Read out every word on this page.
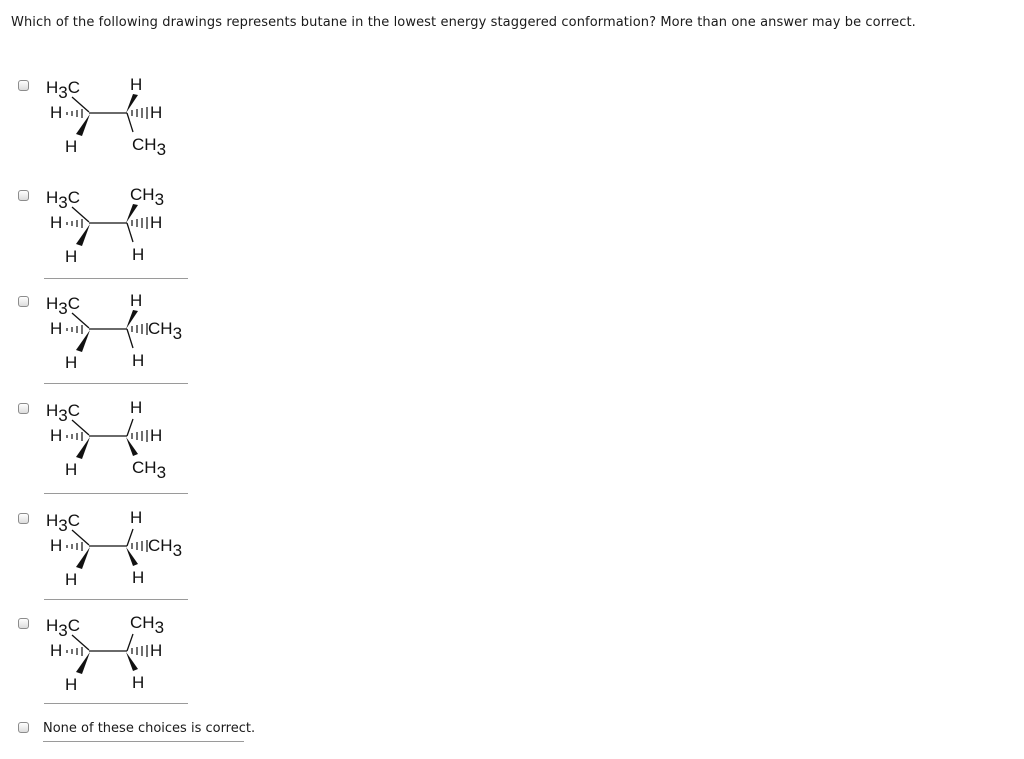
Which of the following drawings represents butane in the lowest energy staggered conformation? More than one answer may be correct.
H3C
H
H
H
H
CH3
H3C
H
H
CH3
H
H
H3C
H
H
H
CH3
H
H3C
H
H
H
H
CH3
H3C
H
H
H
CH3
H
H3C
H
H
CH3
H
H
None of these choices is correct.
